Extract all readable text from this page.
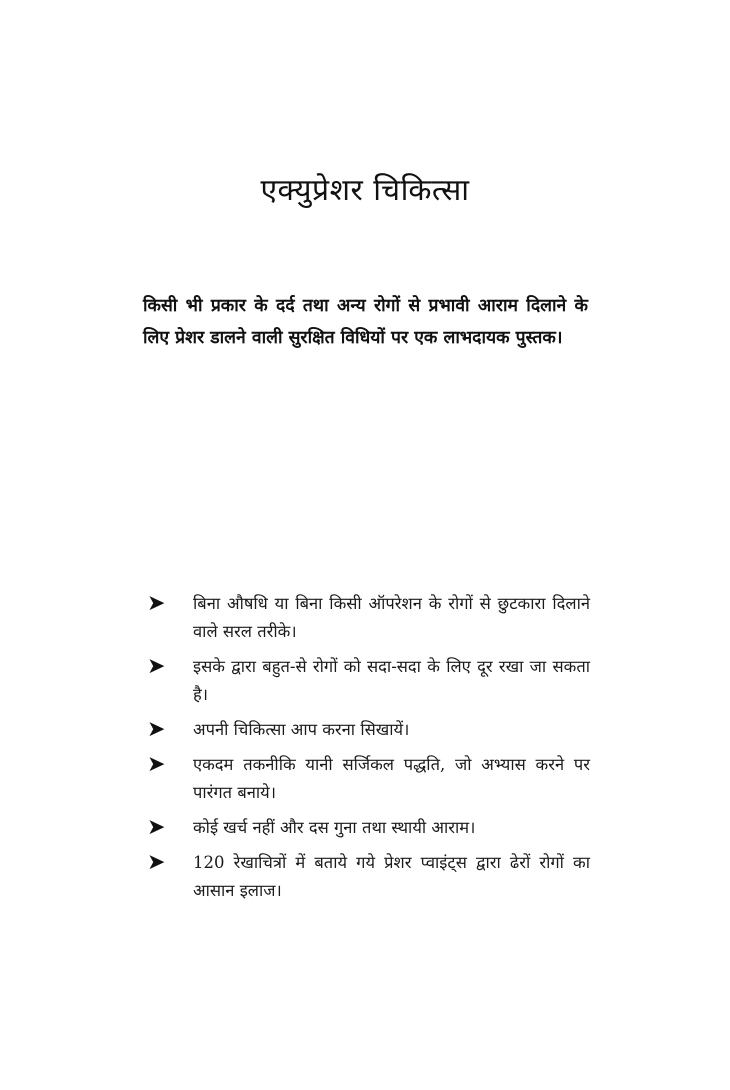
एक्युप्रेशर चिकित्सा
किसी भी प्रकार के दर्द तथा अन्य रोगों से प्रभावी आराम दिलाने के लिए प्रेशर डालने वाली सुरक्षित विधियों पर एक लाभदायक पुस्तक।
➤ बिना औषधि या बिना किसी ऑपरेशन के रोगों से छुटकारा दिलाने वाले सरल तरीके।
➤ इसके द्वारा बहुत-से रोगों को सदा-सदा के लिए दूर रखा जा सकता है।
➤ अपनी चिकित्सा आप करना सिखायें।
➤ एकदम तकनीकि यानी सर्जिकल पद्धति, जो अभ्यास करने पर पारंगत बनाये।
➤ कोई खर्च नहीं और दस गुना तथा स्थायी आराम।
➤ 120 रेखाचित्रों में बताये गये प्रेशर प्वाइंट्स द्वारा ढेरों रोगों का आसान इलाज।
